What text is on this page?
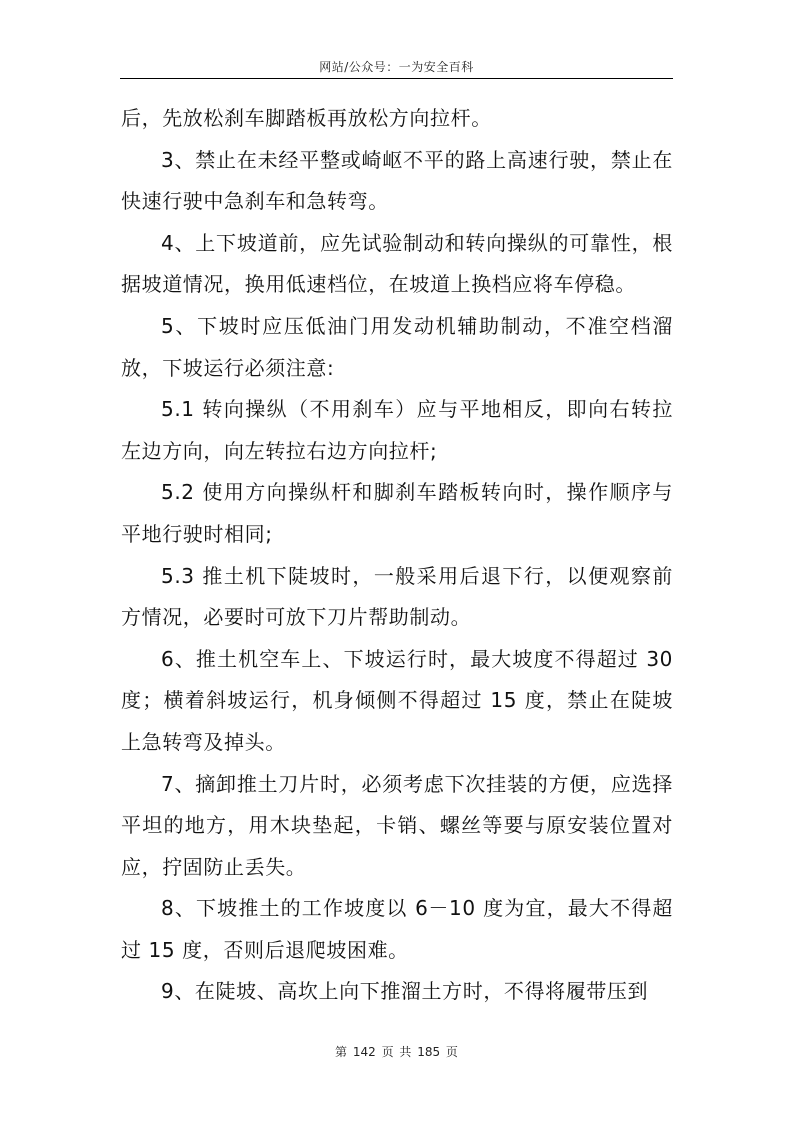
网站/公众号：一为安全百科

后，先放松刹车脚踏板再放松方向拉杆。

3、禁止在未经平整或崎岖不平的路上高速行驶，禁止在快速行驶中急刹车和急转弯。

4、上下坡道前，应先试验制动和转向操纵的可靠性，根据坡道情况，换用低速档位，在坡道上换档应将车停稳。

5、下坡时应压低油门用发动机辅助制动，不准空档溜放，下坡运行必须注意:

5.1 转向操纵（不用刹车）应与平地相反，即向右转拉左边方向，向左转拉右边方向拉杆;

5.2 使用方向操纵杆和脚刹车踏板转向时，操作顺序与平地行驶时相同;

5.3 推土机下陡坡时，一般采用后退下行，以便观察前方情况，必要时可放下刀片帮助制动。

6、推土机空车上、下坡运行时，最大坡度不得超过 30 度；横着斜坡运行，机身倾侧不得超过 15 度，禁止在陡坡上急转弯及掉头。

7、摘卸推土刀片时，必须考虑下次挂装的方便，应选择平坦的地方，用木块垫起，卡销、螺丝等要与原安装位置对应，拧固防止丢失。

8、下坡推土的工作坡度以 6－10 度为宜，最大不得超过 15 度，否则后退爬坡困难。

9、在陡坡、高坎上向下推溜土方时，不得将履带压到

第 142 页 共 185 页
